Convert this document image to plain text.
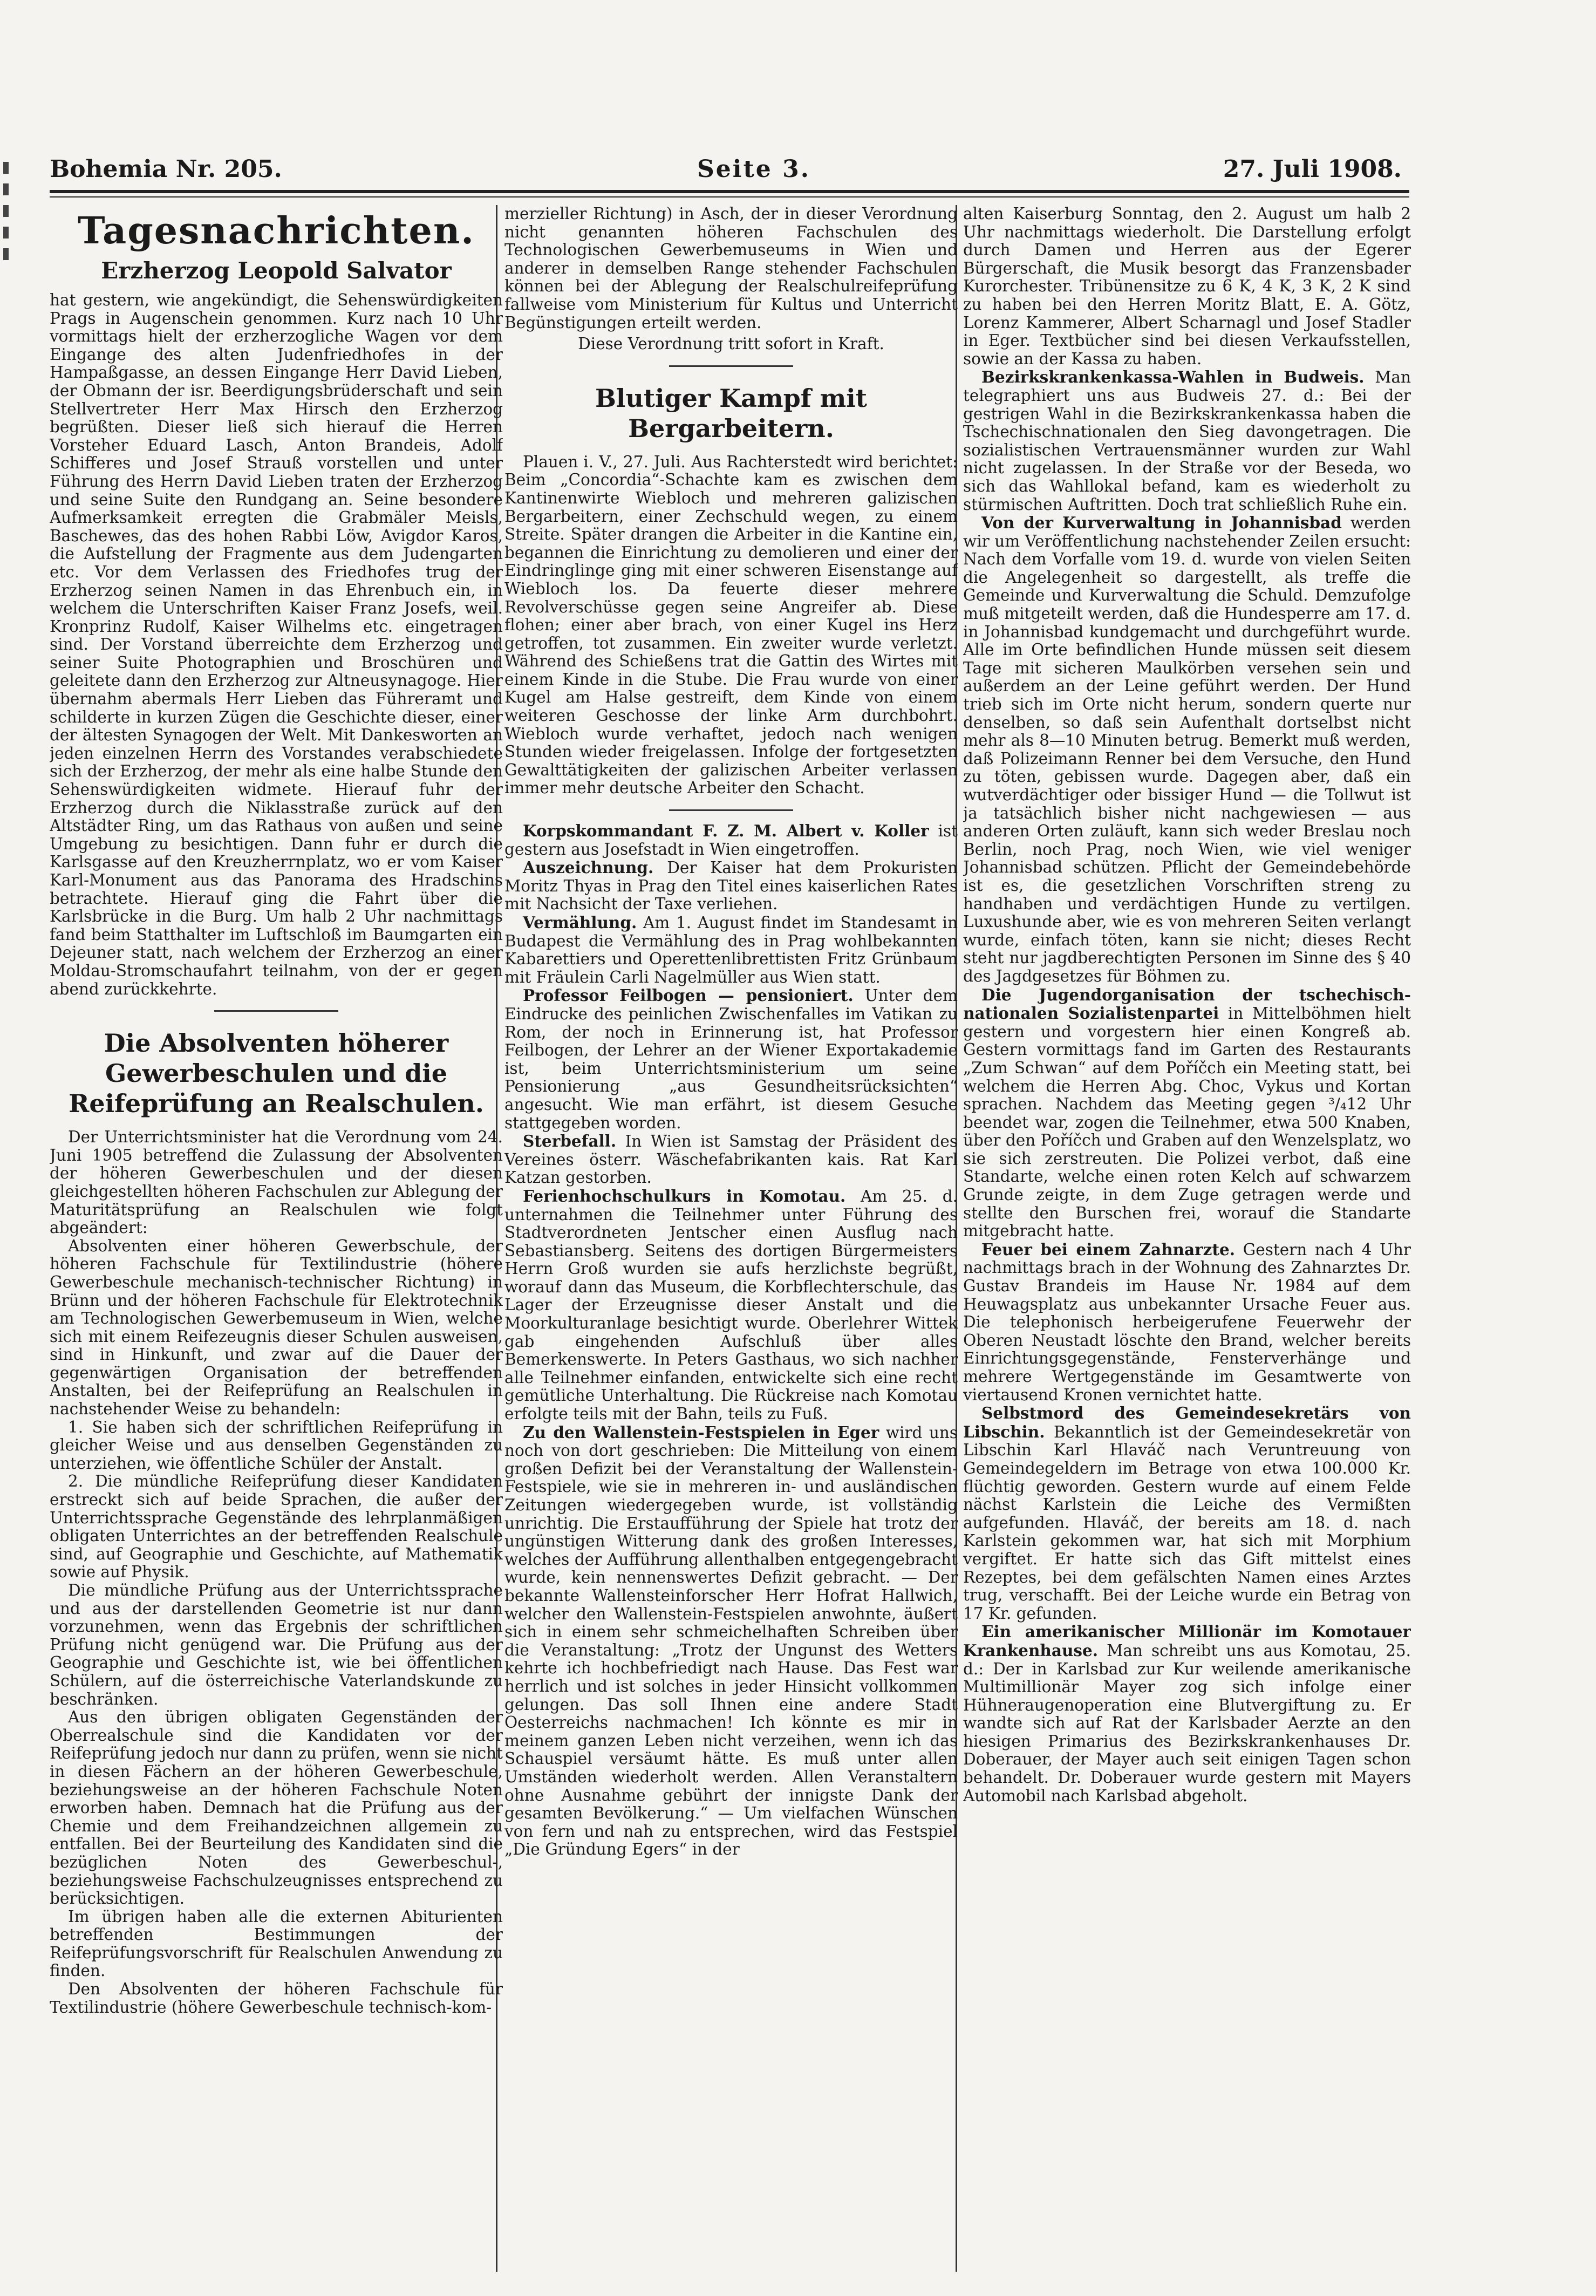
Bohemia Nr. 205.	Seite 3.	27. Juli 1908.

Tagesnachrichten.

Erzherzog Leopold Salvator

hat gestern, wie angekündigt, die Sehenswürdigkeiten Prags in Augenschein genommen. Kurz nach 10 Uhr vormittags hielt der erzherzogliche Wagen vor dem Eingange des alten Judenfriedhofes in der Hampaßgasse, an dessen Eingange Herr David Lieben, der Obmann der isr. Beerdigungsbrüderschaft und sein Stellvertreter Herr Max Hirsch den Erzherzog begrüßten. Dieser ließ sich hierauf die Herren Vorsteher Eduard Lasch, Anton Brandeis, Adolf Schifferes und Josef Strauß vorstellen und unter Führung des Herrn David Lieben traten der Erzherzog und seine Suite den Rundgang an. Seine besondere Aufmerksamkeit erregten die Grabmäler Meisls, Baschewes, das des hohen Rabbi Löw, Avigdor Karos, die Aufstellung der Fragmente aus dem Judengarten etc. Vor dem Verlassen des Friedhofes trug der Erzherzog seinen Namen in das Ehrenbuch ein, in welchem die Unterschriften Kaiser Franz Josefs, weil. Kronprinz Rudolf, Kaiser Wilhelms etc. eingetragen sind. Der Vorstand überreichte dem Erzherzog und seiner Suite Photographien und Broschüren und geleitete dann den Erzherzog zur Altneusynagoge. Hier übernahm abermals Herr Lieben das Führeramt und schilderte in kurzen Zügen die Geschichte dieser, einer der ältesten Synagogen der Welt. Mit Dankesworten an jeden einzelnen Herrn des Vorstandes verabschiedete sich der Erzherzog, der mehr als eine halbe Stunde den Sehenswürdigkeiten widmete. Hierauf fuhr der Erzherzog durch die Niklasstraße zurück auf den Altstädter Ring, um das Rathaus von außen und seine Umgebung zu besichtigen. Dann fuhr er durch die Karlsgasse auf den Kreuzherrnplatz, wo er vom Kaiser Karl-Monument aus das Panorama des Hradschins betrachtete. Hierauf ging die Fahrt über die Karlsbrücke in die Burg. Um halb 2 Uhr nachmittags fand beim Statthalter im Luftschloß im Baumgarten ein Dejeuner statt, nach welchem der Erzherzog an einer Moldau-Stromschaufahrt teilnahm, von der er gegen abend zurückkehrte.

Die Absolventen höherer Gewerbeschulen und die Reifeprüfung an Realschulen.

Der Unterrichtsminister hat die Verordnung vom 24. Juni 1905 betreffend die Zulassung der Absolventen der höheren Gewerbeschulen und der diesen gleichgestellten höheren Fachschulen zur Ablegung der Maturitätsprüfung an Realschulen wie folgt abgeändert:

Absolventen einer höheren Gewerbschule, der höheren Fachschule für Textilindustrie (höhere Gewerbeschule mechanisch-technischer Richtung) in Brünn und der höheren Fachschule für Elektrotechnik am Technologischen Gewerbemuseum in Wien, welche sich mit einem Reifezeugnis dieser Schulen ausweisen, sind in Hinkunft, und zwar auf die Dauer der gegenwärtigen Organisation der betreffenden Anstalten, bei der Reifeprüfung an Realschulen in nachstehender Weise zu behandeln:

1. Sie haben sich der schriftlichen Reifeprüfung in gleicher Weise und aus denselben Gegenständen zu unterziehen, wie öffentliche Schüler der Anstalt.

2. Die mündliche Reifeprüfung dieser Kandidaten erstreckt sich auf beide Sprachen, die außer der Unterrichtssprache Gegenstände des lehrplanmäßigen obligaten Unterrichtes an der betreffenden Realschule sind, auf Geographie und Geschichte, auf Mathematik sowie auf Physik.

Die mündliche Prüfung aus der Unterrichtssprache und aus der darstellenden Geometrie ist nur dann vorzunehmen, wenn das Ergebnis der schriftlichen Prüfung nicht genügend war. Die Prüfung aus der Geographie und Geschichte ist, wie bei öffentlichen Schülern, auf die österreichische Vaterlandskunde zu beschränken.

Aus den übrigen obligaten Gegenständen der Oberrealschule sind die Kandidaten vor der Reifeprüfung jedoch nur dann zu prüfen, wenn sie nicht in diesen Fächern an der höheren Gewerbeschule, beziehungsweise an der höheren Fachschule Noten erworben haben. Demnach hat die Prüfung aus der Chemie und dem Freihandzeichnen allgemein zu entfallen. Bei der Beurteilung des Kandidaten sind die bezüglichen Noten des Gewerbeschul-, beziehungsweise Fachschulzeugnisses entsprechend zu berücksichtigen.

Im übrigen haben alle die externen Abiturienten betreffenden Bestimmungen der Reifeprüfungsvorschrift für Realschulen Anwendung zu finden.

Den Absolventen der höheren Fachschule für Textilindustrie (höhere Gewerbeschule technisch-kom-

merzieller Richtung) in Asch, der in dieser Verordnung nicht genannten höheren Fachschulen des Technologischen Gewerbemuseums in Wien und anderer in demselben Range stehender Fachschulen können bei der Ablegung der Realschulreifeprüfung fallweise vom Ministerium für Kultus und Unterricht Begünstigungen erteilt werden.

Diese Verordnung tritt sofort in Kraft.

Blutiger Kampf mit Bergarbeitern.

Plauen i. V., 27. Juli. Aus Rachterstedt wird berichtet: Beim „Concordia“-Schachte kam es zwischen dem Kantinenwirte Wiebloch und mehreren galizischen Bergarbeitern, einer Zechschuld wegen, zu einem Streite. Später drangen die Arbeiter in die Kantine ein, begannen die Einrichtung zu demolieren und einer der Eindringlinge ging mit einer schweren Eisenstange auf Wiebloch los. Da feuerte dieser mehrere Revolverschüsse gegen seine Angreifer ab. Diese flohen; einer aber brach, von einer Kugel ins Herz getroffen, tot zusammen. Ein zweiter wurde verletzt. Während des Schießens trat die Gattin des Wirtes mit einem Kinde in die Stube. Die Frau wurde von einer Kugel am Halse gestreift, dem Kinde von einem weiteren Geschosse der linke Arm durchbohrt. Wiebloch wurde verhaftet, jedoch nach wenigen Stunden wieder freigelassen. Infolge der fortgesetzten Gewalttätigkeiten der galizischen Arbeiter verlassen immer mehr deutsche Arbeiter den Schacht.

Korpskommandant F. Z. M. Albert v. Koller ist gestern aus Josefstadt in Wien eingetroffen.

Auszeichnung. Der Kaiser hat dem Prokuristen Moritz Thyas in Prag den Titel eines kaiserlichen Rates mit Nachsicht der Taxe verliehen.

Vermählung. Am 1. August findet im Standesamt in Budapest die Vermählung des in Prag wohlbekannten Kabarettiers und Operettenlibrettisten Fritz Grünbaum mit Fräulein Carli Nagelmüller aus Wien statt.

Professor Feilbogen — pensioniert. Unter dem Eindrucke des peinlichen Zwischenfalles im Vatikan zu Rom, der noch in Erinnerung ist, hat Professor Feilbogen, der Lehrer an der Wiener Exportakademie ist, beim Unterrichtsministerium um seine Pensionierung „aus Gesundheitsrücksichten“ angesucht. Wie man erfährt, ist diesem Gesuche stattgegeben worden.

Sterbefall. In Wien ist Samstag der Präsident des Vereines österr. Wäschefabrikanten kais. Rat Karl Katzan gestorben.

Ferienhochschulkurs in Komotau. Am 25. d. unternahmen die Teilnehmer unter Führung des Stadtverordneten Jentscher einen Ausflug nach Sebastiansberg. Seitens des dortigen Bürgermeisters Herrn Groß wurden sie aufs herzlichste begrüßt, worauf dann das Museum, die Korbflechterschule, das Lager der Erzeugnisse dieser Anstalt und die Moorkulturanlage besichtigt wurde. Oberlehrer Wittek gab eingehenden Aufschluß über alles Bemerkenswerte. In Peters Gasthaus, wo sich nachher alle Teilnehmer einfanden, entwickelte sich eine recht gemütliche Unterhaltung. Die Rückreise nach Komotau erfolgte teils mit der Bahn, teils zu Fuß.

Zu den Wallenstein-Festspielen in Eger wird uns noch von dort geschrieben: Die Mitteilung von einem großen Defizit bei der Veranstaltung der Wallenstein-Festspiele, wie sie in mehreren in- und ausländischen Zeitungen wiedergegeben wurde, ist vollständig unrichtig. Die Erstaufführung der Spiele hat trotz der ungünstigen Witterung dank des großen Interesses, welches der Aufführung allenthalben entgegengebracht wurde, kein nennenswertes Defizit gebracht. — Der bekannte Wallensteinforscher Herr Hofrat Hallwich, welcher den Wallenstein-Festspielen anwohnte, äußert sich in einem sehr schmeichelhaften Schreiben über die Veranstaltung: „Trotz der Ungunst des Wetters kehrte ich hochbefriedigt nach Hause. Das Fest war herrlich und ist solches in jeder Hinsicht vollkommen gelungen. Das soll Ihnen eine andere Stadt Oesterreichs nachmachen! Ich könnte es mir in meinem ganzen Leben nicht verzeihen, wenn ich das Schauspiel versäumt hätte. Es muß unter allen Umständen wiederholt werden. Allen Veranstaltern ohne Ausnahme gebührt der innigste Dank der gesamten Bevölkerung.“ — Um vielfachen Wünschen von fern und nah zu entsprechen, wird das Festspiel „Die Gründung Egers“ in der

alten Kaiserburg Sonntag, den 2. August um halb 2 Uhr nachmittags wiederholt. Die Darstellung erfolgt durch Damen und Herren aus der Egerer Bürgerschaft, die Musik besorgt das Franzensbader Kurorchester. Tribünensitze zu 6 K, 4 K, 3 K, 2 K sind zu haben bei den Herren Moritz Blatt, E. A. Götz, Lorenz Kammerer, Albert Scharnagl und Josef Stadler in Eger. Textbücher sind bei diesen Verkaufsstellen, sowie an der Kassa zu haben.

Bezirkskrankenkassa-Wahlen in Budweis. Man telegraphiert uns aus Budweis 27. d.: Bei der gestrigen Wahl in die Bezirkskrankenkassa haben die Tschechischnationalen den Sieg davongetragen. Die sozialistischen Vertrauensmänner wurden zur Wahl nicht zugelassen. In der Straße vor der Beseda, wo sich das Wahllokal befand, kam es wiederholt zu stürmischen Auftritten. Doch trat schließlich Ruhe ein.

Von der Kurverwaltung in Johannisbad werden wir um Veröffentlichung nachstehender Zeilen ersucht: Nach dem Vorfalle vom 19. d. wurde von vielen Seiten die Angelegenheit so dargestellt, als treffe die Gemeinde und Kurverwaltung die Schuld. Demzufolge muß mitgeteilt werden, daß die Hundesperre am 17. d. in Johannisbad kundgemacht und durchgeführt wurde. Alle im Orte befindlichen Hunde müssen seit diesem Tage mit sicheren Maulkörben versehen sein und außerdem an der Leine geführt werden. Der Hund trieb sich im Orte nicht herum, sondern querte nur denselben, so daß sein Aufenthalt dortselbst nicht mehr als 8—10 Minuten betrug. Bemerkt muß werden, daß Polizeimann Renner bei dem Versuche, den Hund zu töten, gebissen wurde. Dagegen aber, daß ein wutverdächtiger oder bissiger Hund — die Tollwut ist ja tatsächlich bisher nicht nachgewiesen — aus anderen Orten zuläuft, kann sich weder Breslau noch Berlin, noch Prag, noch Wien, wie viel weniger Johannisbad schützen. Pflicht der Gemeindebehörde ist es, die gesetzlichen Vorschriften streng zu handhaben und verdächtigen Hunde zu vertilgen. Luxushunde aber, wie es von mehreren Seiten verlangt wurde, einfach töten, kann sie nicht; dieses Recht steht nur jagdberechtigten Personen im Sinne des § 40 des Jagdgesetzes für Böhmen zu.

Die Jugendorganisation der tschechisch-nationalen Sozialistenpartei in Mittelböhmen hielt gestern und vorgestern hier einen Kongreß ab. Gestern vormittags fand im Garten des Restaurants „Zum Schwan“ auf dem Poříčch ein Meeting statt, bei welchem die Herren Abg. Choc, Vykus und Kortan sprachen. Nachdem das Meeting gegen ³/₄12 Uhr beendet war, zogen die Teilnehmer, etwa 500 Knaben, über den Poříčch und Graben auf den Wenzelsplatz, wo sie sich zerstreuten. Die Polizei verbot, daß eine Standarte, welche einen roten Kelch auf schwarzem Grunde zeigte, in dem Zuge getragen werde und stellte den Burschen frei, worauf die Standarte mitgebracht hatte.

Feuer bei einem Zahnarzte. Gestern nach 4 Uhr nachmittags brach in der Wohnung des Zahnarztes Dr. Gustav Brandeis im Hause Nr. 1984 auf dem Heuwagsplatz aus unbekannter Ursache Feuer aus. Die telephonisch herbeigerufene Feuerwehr der Oberen Neustadt löschte den Brand, welcher bereits Einrichtungsgegenstände, Fensterverhänge und mehrere Wertgegenstände im Gesamtwerte von viertausend Kronen vernichtet hatte.

Selbstmord des Gemeindesekretärs von Libschin. Bekanntlich ist der Gemeindesekretär von Libschin Karl Hlaváč nach Veruntreuung von Gemeindegeldern im Betrage von etwa 100.000 Kr. flüchtig geworden. Gestern wurde auf einem Felde nächst Karlstein die Leiche des Vermißten aufgefunden. Hlaváč, der bereits am 18. d. nach Karlstein gekommen war, hat sich mit Morphium vergiftet. Er hatte sich das Gift mittelst eines Rezeptes, bei dem gefälschten Namen eines Arztes trug, verschafft. Bei der Leiche wurde ein Betrag von 17 Kr. gefunden.

Ein amerikanischer Millionär im Komotauer Krankenhause. Man schreibt uns aus Komotau, 25. d.: Der in Karlsbad zur Kur weilende amerikanische Multimillionär Mayer zog sich infolge einer Hühneraugenoperation eine Blutvergiftung zu. Er wandte sich auf Rat der Karlsbader Aerzte an den hiesigen Primarius des Bezirkskrankenhauses Dr. Doberauer, der Mayer auch seit einigen Tagen schon behandelt. Dr. Doberauer wurde gestern mit Mayers Automobil nach Karlsbad abgeholt.
